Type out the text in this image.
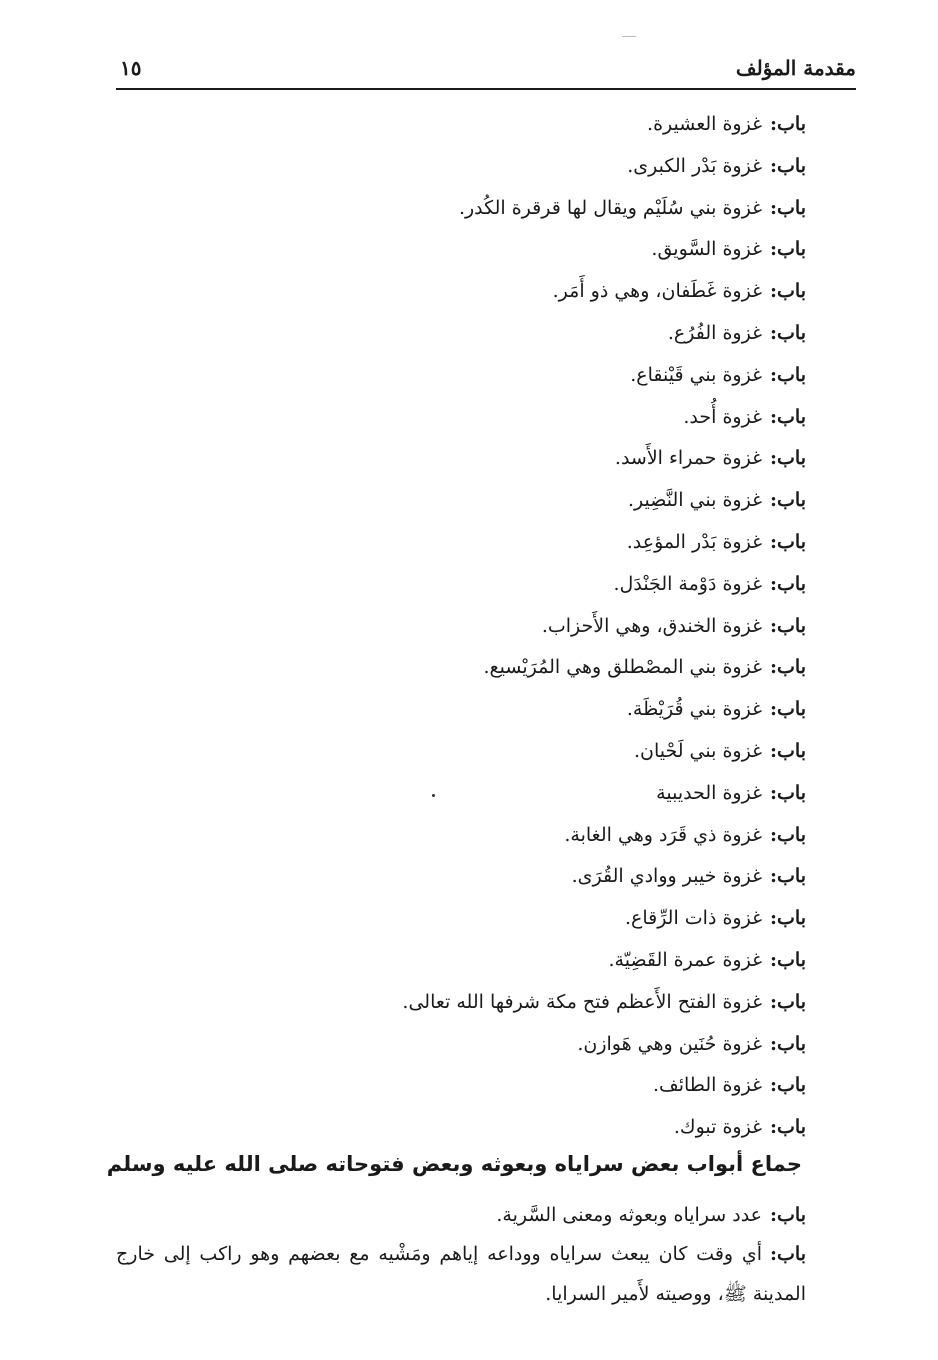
مقدمة المؤلف
١٥
باب:غزوة العشيرة.
باب:غزوة بَدْر الكبرى.
باب:غزوة بني سُلَيْم ويقال لها قرقرة الكُدر.
باب:غزوة السَّويق.
باب:غزوة غَطَفان، وهي ذو أَمَر.
باب:غزوة الفُرُع.
باب:غزوة بني قَيْنقاع.
باب:غزوة أُحد.
باب:غزوة حمراء الأَسد.
باب:غزوة بني النَّضِير.
باب:غزوة بَدْر المؤعِد.
باب:غزوة دَوْمة الجَنْدَل.
باب:غزوة الخندق، وهي الأَحزاب.
باب:غزوة بني المصْطلق وهي المُرَيْسيع.
باب:غزوة بني قُرَيْظَة.
باب:غزوة بني لَحْيان.
باب:غزوة الحديبية
باب:غزوة ذي قَرَد وهي الغابة.
باب:غزوة خيبر ووادي القُرَى.
باب:غزوة ذات الرِّقاع.
باب:غزوة عمرة القَضِيّة.
باب:غزوة الفتح الأَعظم فتح مكة شرفها الله تعالى.
باب:غزوة حُنَين وهي هَوازن.
باب:غزوة الطائف.
باب:غزوة تبوك.
جماع أبواب بعض سراياه وبعوثه وبعض فتوحاته صلى الله عليه وسلم
باب:عدد سراياه وبعوثه ومعنى السَّرية.
باب:أي وقت كان يبعث سراياه ووداعه إياهم ومَشْيه مع بعضهم وهو راكب إلى خارج المدينة ﷺ، ووصيته لأَمير السرايا.
